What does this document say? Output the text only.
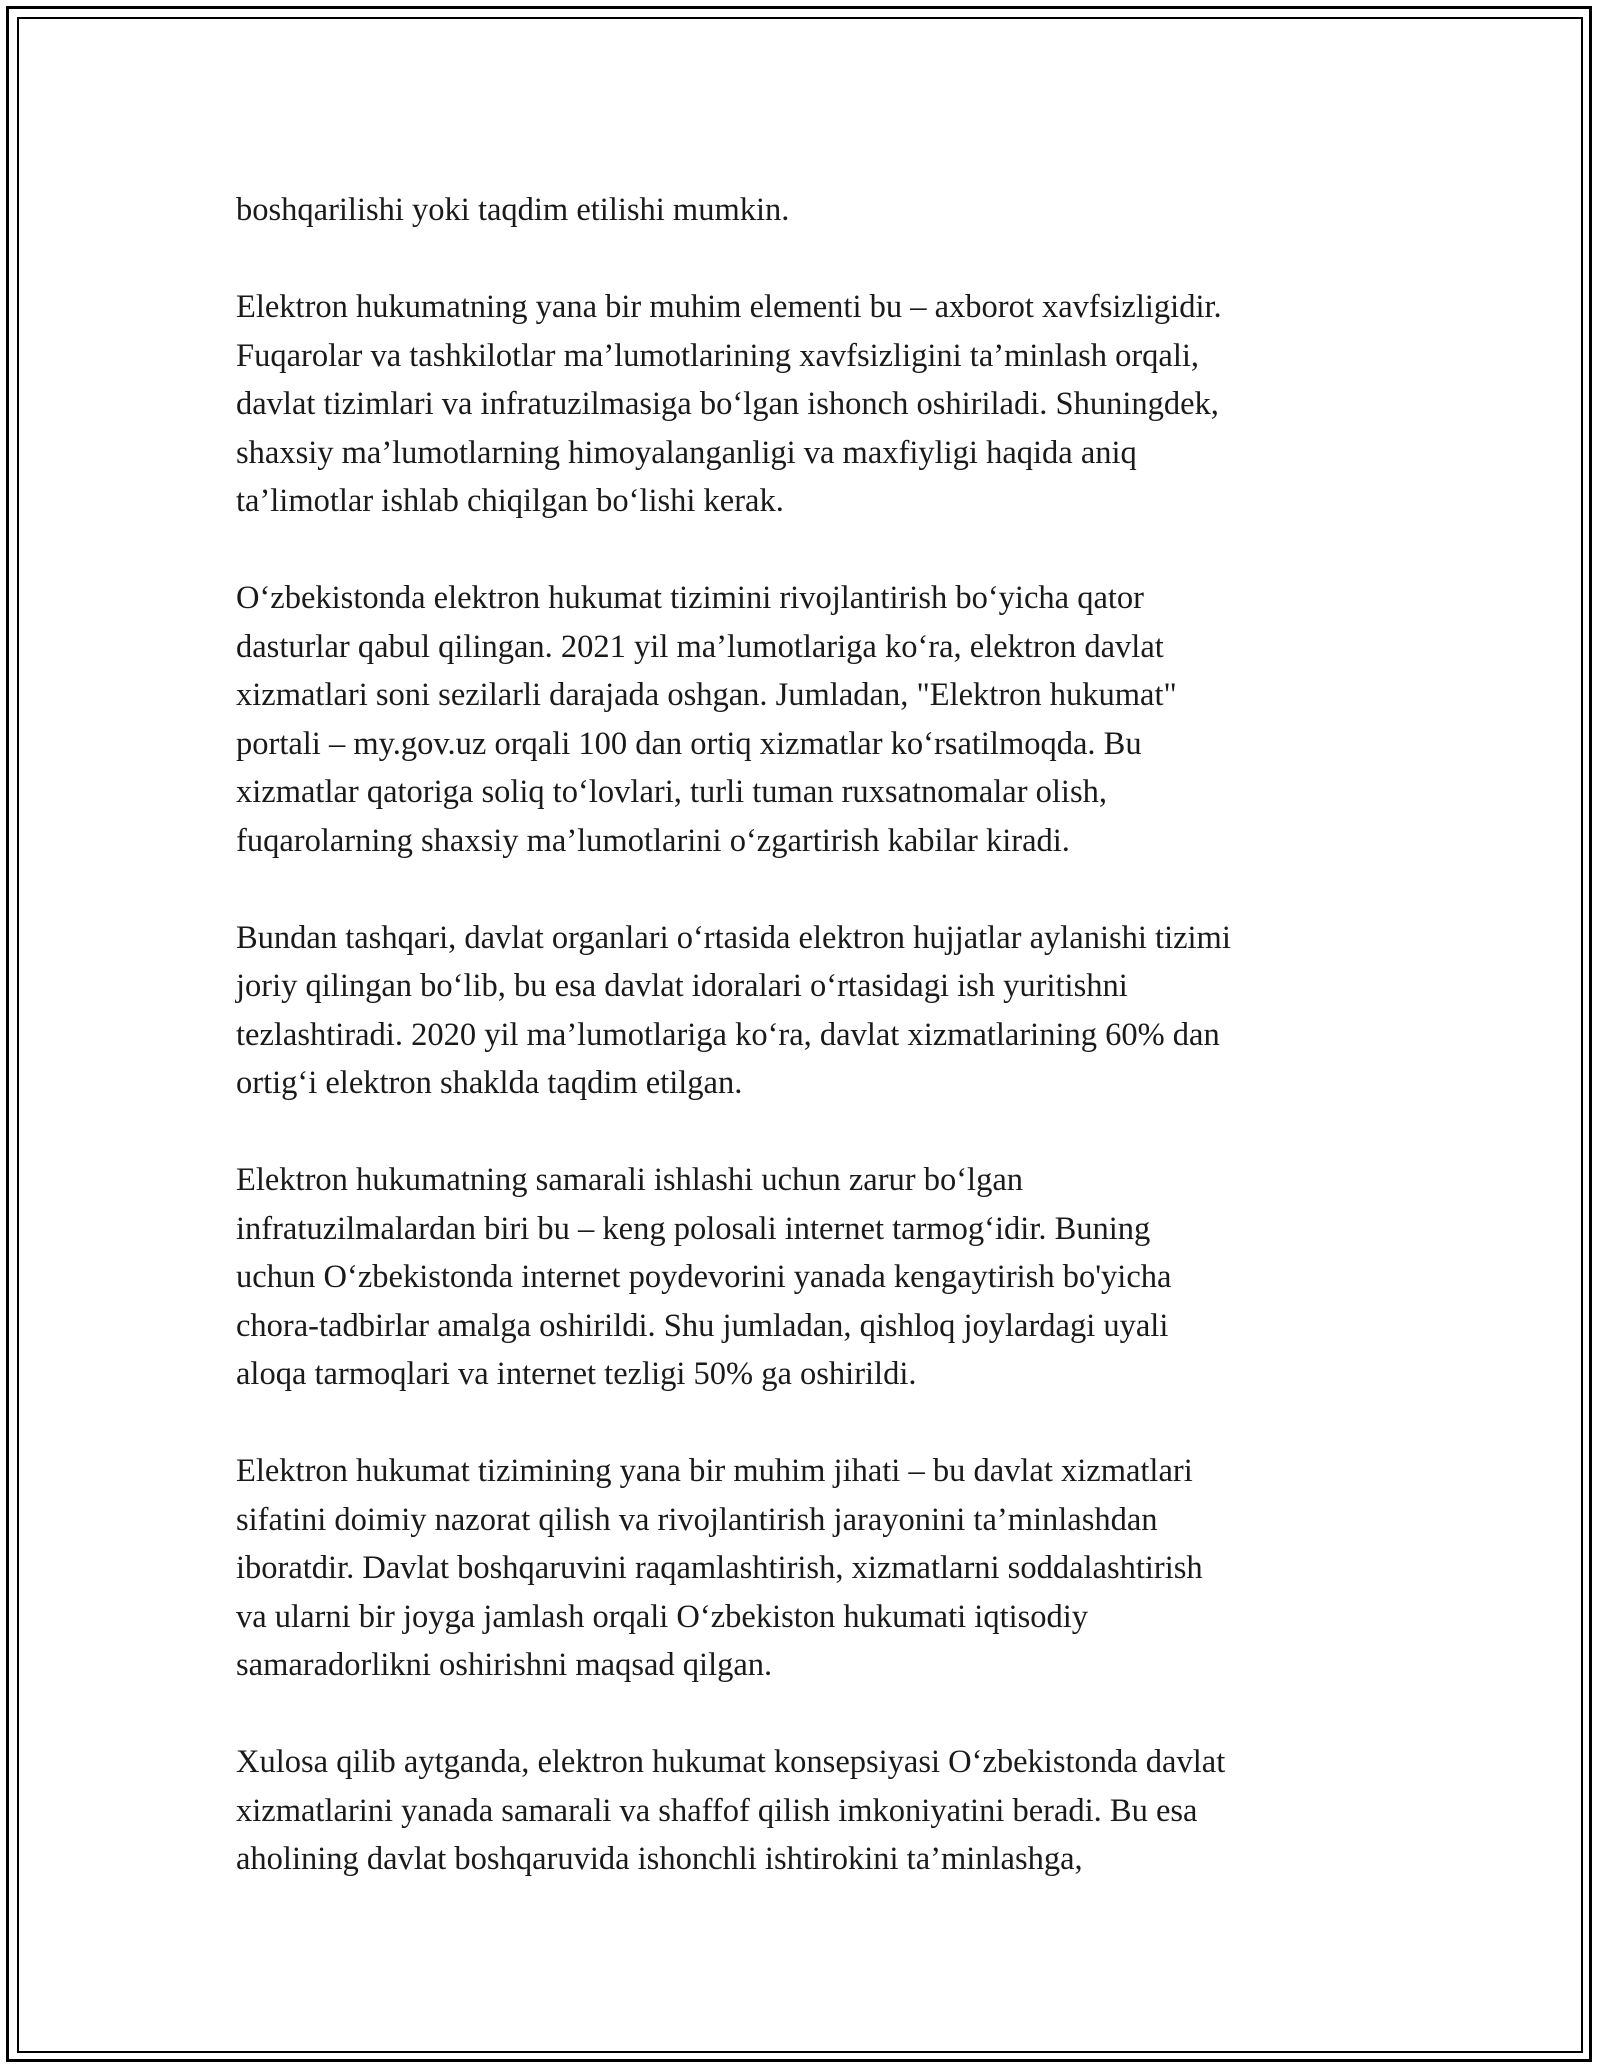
boshqarilishi yoki taqdim etilishi mumkin.

Elektron hukumatning yana bir muhim elementi bu – axborot xavfsizligidir.
Fuqarolar va tashkilotlar ma’lumotlarining xavfsizligini ta’minlash orqali,
davlat tizimlari va infratuzilmasiga bo‘lgan ishonch oshiriladi. Shuningdek,
shaxsiy ma’lumotlarning himoyalanganligi va maxfiyligi haqida aniq
ta’limotlar ishlab chiqilgan bo‘lishi kerak.

O‘zbekistonda elektron hukumat tizimini rivojlantirish bo‘yicha qator
dasturlar qabul qilingan. 2021 yil ma’lumotlariga ko‘ra, elektron davlat
xizmatlari soni sezilarli darajada oshgan. Jumladan, "Elektron hukumat"
portali – my.gov.uz orqali 100 dan ortiq xizmatlar ko‘rsatilmoqda. Bu
xizmatlar qatoriga soliq to‘lovlari, turli tuman ruxsatnomalar olish,
fuqarolarning shaxsiy ma’lumotlarini o‘zgartirish kabilar kiradi.

Bundan tashqari, davlat organlari o‘rtasida elektron hujjatlar aylanishi tizimi
joriy qilingan bo‘lib, bu esa davlat idoralari o‘rtasidagi ish yuritishni
tezlashtiradi. 2020 yil ma’lumotlariga ko‘ra, davlat xizmatlarining 60% dan
ortig‘i elektron shaklda taqdim etilgan.

Elektron hukumatning samarali ishlashi uchun zarur bo‘lgan
infratuzilmalardan biri bu – keng polosali internet tarmog‘idir. Buning
uchun O‘zbekistonda internet poydevorini yanada kengaytirish bo'yicha
chora-tadbirlar amalga oshirildi. Shu jumladan, qishloq joylardagi uyali
aloqa tarmoqlari va internet tezligi 50% ga oshirildi.

Elektron hukumat tizimining yana bir muhim jihati – bu davlat xizmatlari
sifatini doimiy nazorat qilish va rivojlantirish jarayonini ta’minlashdan
iboratdir. Davlat boshqaruvini raqamlashtirish, xizmatlarni soddalashtirish
va ularni bir joyga jamlash orqali O‘zbekiston hukumati iqtisodiy
samaradorlikni oshirishni maqsad qilgan.

Xulosa qilib aytganda, elektron hukumat konsepsiyasi O‘zbekistonda davlat
xizmatlarini yanada samarali va shaffof qilish imkoniyatini beradi. Bu esa
aholining davlat boshqaruvida ishonchli ishtirokini ta’minlashga,
